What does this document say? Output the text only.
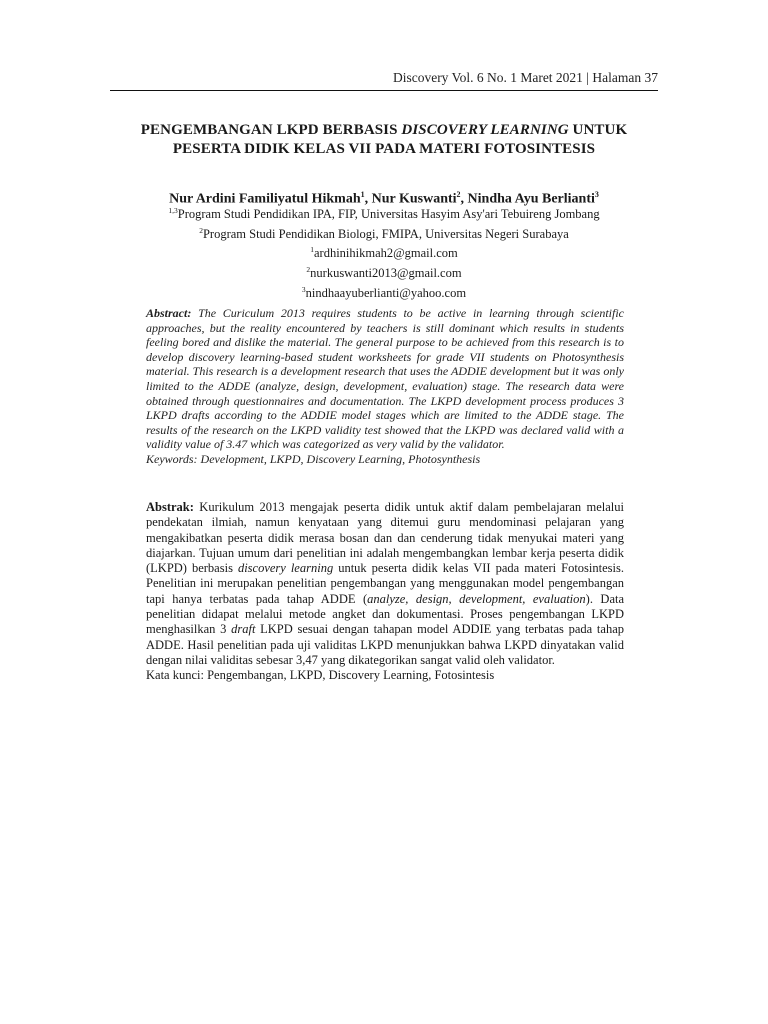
Discovery Vol. 6 No. 1 Maret 2021 | Halaman 37
PENGEMBANGAN LKPD BERBASIS DISCOVERY LEARNING UNTUK
PESERTA DIDIK KELAS VII PADA MATERI FOTOSINTESIS
Nur Ardini Familiyatul Hikmah$^1$, Nur Kuswanti$^2$, Nindha Ayu Berlianti$^3$
$^{1,3}$Program Studi Pendidikan IPA, FIP, Universitas Hasyim Asy'ari Tebuireng Jombang
$^2$Program Studi Pendidikan Biologi, FMIPA, Universitas Negeri Surabaya
$^1$ardhinihikmah2@gmail.com
$^2$nurkuswanti2013@gmail.com
$^3$nindhaayuberlianti@yahoo.com
Abstract: The Curiculum 2013 requires students to be active in learning through scientific approaches, but the reality encountered by teachers is still dominant which results in students feeling bored and dislike the material. The general purpose to be achieved from this research is to develop discovery learning-based student worksheets for grade VII students on Photosynthesis material. This research is a development research that uses the ADDIE development but it was only limited to the ADDE (analyze, design, development, evaluation) stage. The research data were obtained through questionnaires and documentation. The LKPD development process produces 3 LKPD drafts according to the ADDIE model stages which are limited to the ADDE stage. The results of the research on the LKPD validity test showed that the LKPD was declared valid with a validity value of 3.47 which was categorized as very valid by the validator.
Keywords: Development, LKPD, Discovery Learning, Photosynthesis
Abstrak: Kurikulum 2013 mengajak peserta didik untuk aktif dalam pembelajaran melalui pendekatan ilmiah, namun kenyataan yang ditemui guru mendominasi pelajaran yang mengakibatkan peserta didik merasa bosan dan dan cenderung tidak menyukai materi yang diajarkan. Tujuan umum dari penelitian ini adalah mengembangkan lembar kerja peserta didik (LKPD) berbasis discovery learning untuk peserta didik kelas VII pada materi Fotosintesis. Penelitian ini merupakan penelitian pengembangan yang menggunakan model pengembangan tapi hanya terbatas pada tahap ADDE (analyze, design, development, evaluation). Data penelitian didapat melalui metode angket dan dokumentasi. Proses pengembangan LKPD menghasilkan 3 draft LKPD sesuai dengan tahapan model ADDIE yang terbatas pada tahap ADDE. Hasil penelitian pada uji validitas LKPD menunjukkan bahwa LKPD dinyatakan valid dengan nilai validitas sebesar 3,47 yang dikategorikan sangat valid oleh validator.
Kata kunci: Pengembangan, LKPD, Discovery Learning, Fotosintesis
